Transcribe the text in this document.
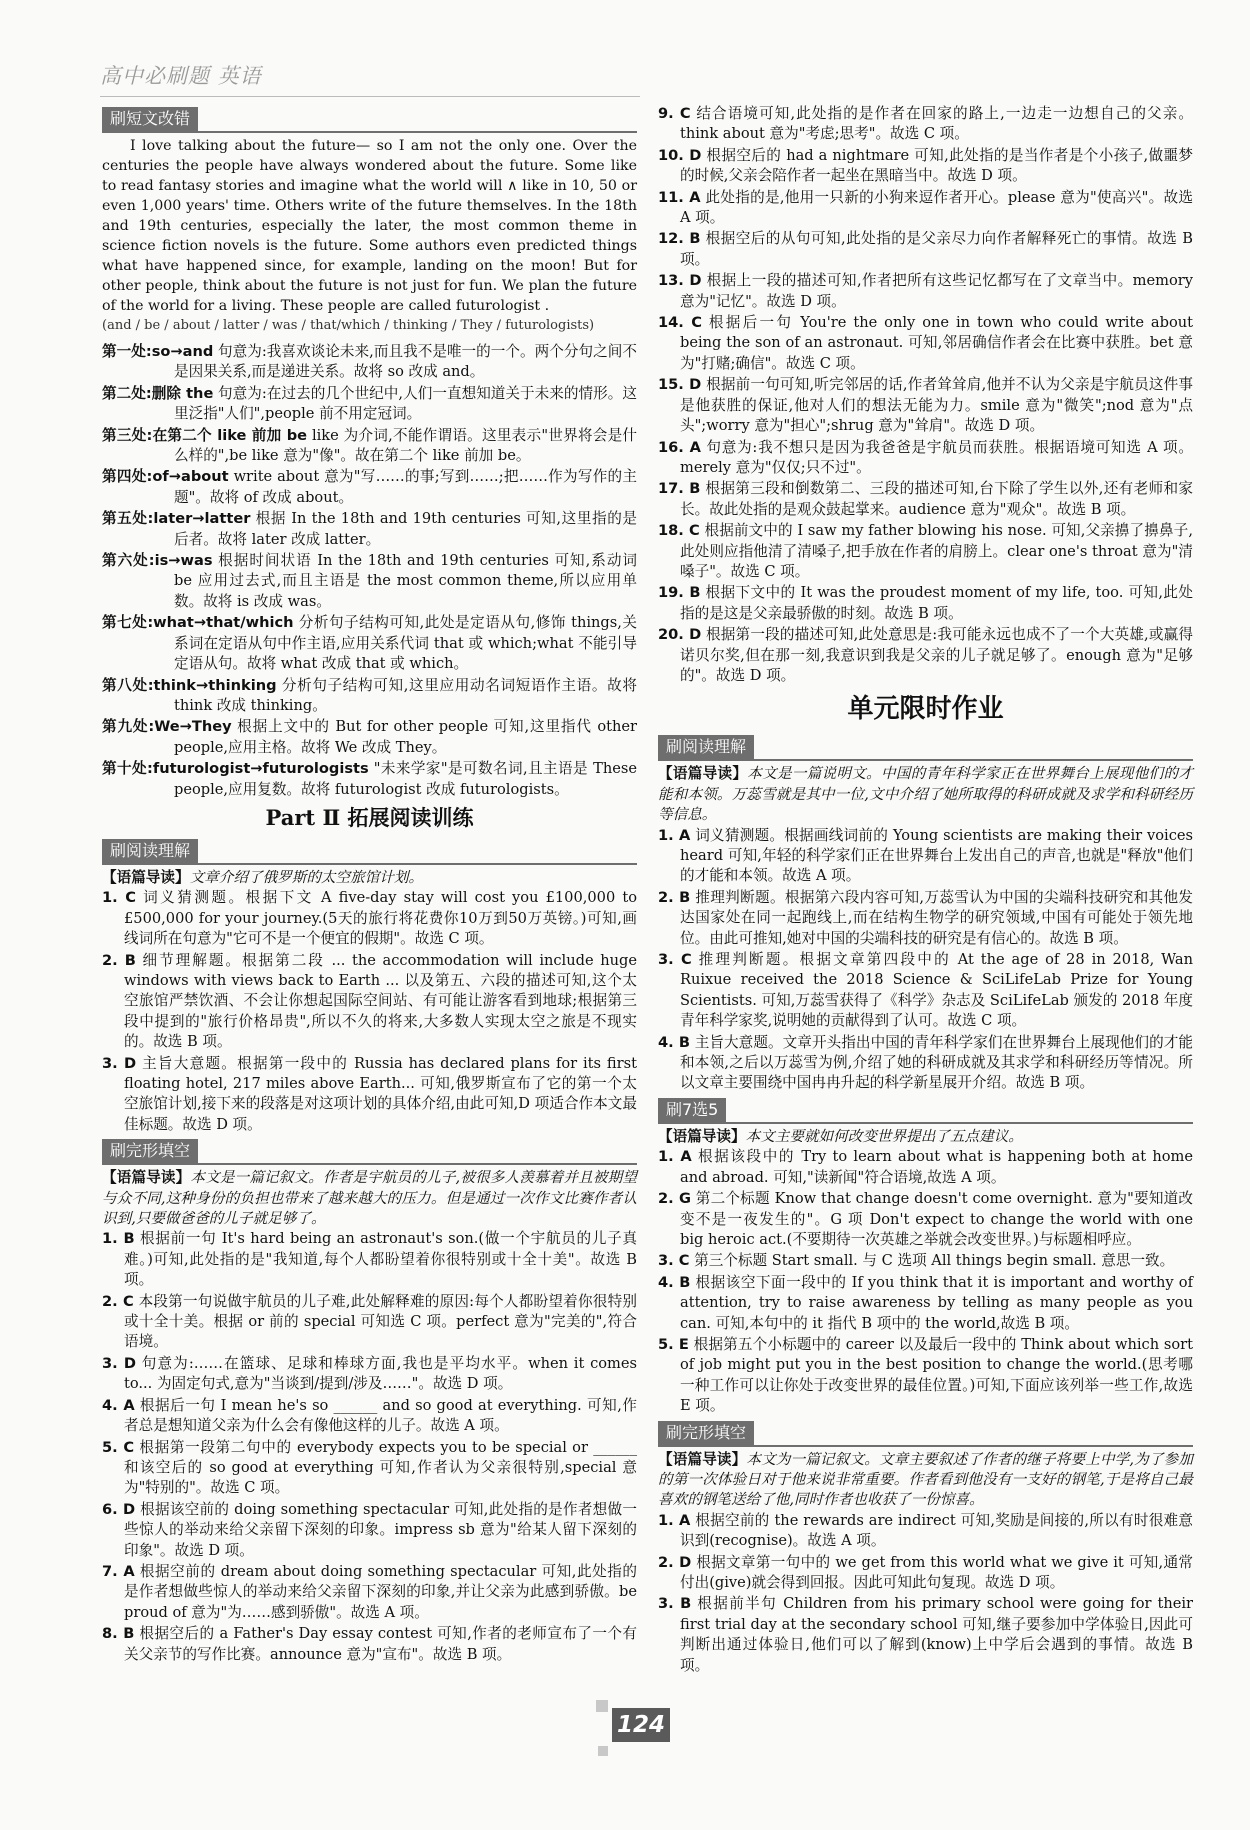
高中必刷题 英语
刷短文改错

I love talking about the future— so I am not the only one. Over the centuries the people have always wondered about the future. Some like to read fantasy stories and imagine what the world will ∧ like in 10, 50 or even 1,000 years' time. Others write of the future themselves. In the 18th and 19th centuries, especially the later, the most common theme in science fiction novels is the future. Some authors even predicted things what have happened since, for example, landing on the moon! But for other people, think about the future is not just for fun. We plan the future of the world for a living. These people are called futurologist .

(and / be / about / latter / was / that/which / thinking / They / futurologists)

第一处:so→and 句意为:我喜欢谈论未来,而且我不是唯一的一个。两个分句之间不是因果关系,而是递进关系。故将 so 改成 and。

第二处:删除 the 句意为:在过去的几个世纪中,人们一直想知道关于未来的情形。这里泛指"人们",people 前不用定冠词。

第三处:在第二个 like 前加 be like 为介词,不能作谓语。这里表示"世界将会是什么样的",be like 意为"像"。故在第二个 like 前加 be。

第四处:of→about write about 意为"写……的事;写到……;把……作为写作的主题"。故将 of 改成 about。

第五处:later→latter 根据 In the 18th and 19th centuries 可知,这里指的是后者。故将 later 改成 latter。

第六处:is→was 根据时间状语 In the 18th and 19th centuries 可知,系动词 be 应用过去式,而且主语是 the most common theme,所以应用单数。故将 is 改成 was。

第七处:what→that/which 分析句子结构可知,此处是定语从句,修饰 things,关系词在定语从句中作主语,应用关系代词 that 或 which;what 不能引导定语从句。故将 what 改成 that 或 which。

第八处:think→thinking 分析句子结构可知,这里应用动名词短语作主语。故将 think 改成 thinking。

第九处:We→They 根据上文中的 But for other people 可知,这里指代 other people,应用主格。故将 We 改成 They。

第十处:futurologist→futurologists "未来学家"是可数名词,且主语是 These people,应用复数。故将 futurologist 改成 futurologists。

Part Ⅱ 拓展阅读训练
刷阅读理解

【语篇导读】文章介绍了俄罗斯的太空旅馆计划。

1. C 词义猜测题。根据下文 A five-day stay will cost you £100,000 to £500,000 for your journey.(5天的旅行将花费你10万到50万英镑。)可知,画线词所在句意为"它可不是一个便宜的假期"。故选 C 项。

2. B 细节理解题。根据第二段 ... the accommodation will include huge windows with views back to Earth ... 以及第五、六段的描述可知,这个太空旅馆严禁饮酒、不会让你想起国际空间站、有可能让游客看到地球;根据第三段中提到的"旅行价格昂贵",所以不久的将来,大多数人实现太空之旅是不现实的。故选 B 项。

3. D 主旨大意题。根据第一段中的 Russia has declared plans for its first floating hotel, 217 miles above Earth... 可知,俄罗斯宣布了它的第一个太空旅馆计划,接下来的段落是对这项计划的具体介绍,由此可知,D 项适合作本文最佳标题。故选 D 项。

刷完形填空

【语篇导读】本文是一篇记叙文。作者是宇航员的儿子,被很多人羡慕着并且被期望与众不同,这种身份的负担也带来了越来越大的压力。但是通过一次作文比赛作者认识到,只要做爸爸的儿子就足够了。

1. B 根据前一句 It's hard being an astronaut's son.(做一个宇航员的儿子真难。)可知,此处指的是"我知道,每个人都盼望着你很特别或十全十美"。故选 B 项。

2. C 本段第一句说做宇航员的儿子难,此处解释难的原因:每个人都盼望着你很特别或十全十美。根据 or 前的 special 可知选 C 项。perfect 意为"完美的",符合语境。

3. D 句意为:……在篮球、足球和棒球方面,我也是平均水平。when it comes to... 为固定句式,意为"当谈到/提到/涉及……"。故选 D 项。

4. A 根据后一句 I mean he's so ______ and so good at everything. 可知,作者总是想知道父亲为什么会有像他这样的儿子。故选 A 项。

5. C 根据第一段第二句中的 everybody expects you to be special or ______ 和该空后的 so good at everything 可知,作者认为父亲很特别,special 意为"特别的"。故选 C 项。

6. D 根据该空前的 doing something spectacular 可知,此处指的是作者想做一些惊人的举动来给父亲留下深刻的印象。impress sb 意为"给某人留下深刻的印象"。故选 D 项。

7. A 根据空前的 dream about doing something spectacular 可知,此处指的是作者想做些惊人的举动来给父亲留下深刻的印象,并让父亲为此感到骄傲。be proud of 意为"为……感到骄傲"。故选 A 项。

8. B 根据空后的 a Father's Day essay contest 可知,作者的老师宣布了一个有关父亲节的写作比赛。announce 意为"宣布"。故选 B 项。

9. C 结合语境可知,此处指的是作者在回家的路上,一边走一边想自己的父亲。think about 意为"考虑;思考"。故选 C 项。

10. D 根据空后的 had a nightmare 可知,此处指的是当作者是个小孩子,做噩梦的时候,父亲会陪作者一起坐在黑暗当中。故选 D 项。

11. A 此处指的是,他用一只新的小狗来逗作者开心。please 意为"使高兴"。故选 A 项。

12. B 根据空后的从句可知,此处指的是父亲尽力向作者解释死亡的事情。故选 B 项。

13. D 根据上一段的描述可知,作者把所有这些记忆都写在了文章当中。memory 意为"记忆"。故选 D 项。

14. C 根据后一句 You're the only one in town who could write about being the son of an astronaut. 可知,邻居确信作者会在比赛中获胜。bet 意为"打赌;确信"。故选 C 项。

15. D 根据前一句可知,听完邻居的话,作者耸耸肩,他并不认为父亲是宇航员这件事是他获胜的保证,他对人们的想法无能为力。smile 意为"微笑";nod 意为"点头";worry 意为"担心";shrug 意为"耸肩"。故选 D 项。

16. A 句意为:我不想只是因为我爸爸是宇航员而获胜。根据语境可知选 A 项。merely 意为"仅仅;只不过"。

17. B 根据第三段和倒数第二、三段的描述可知,台下除了学生以外,还有老师和家长。故此处指的是观众鼓起掌来。audience 意为"观众"。故选 B 项。

18. C 根据前文中的 I saw my father blowing his nose. 可知,父亲擤了擤鼻子,此处则应指他清了清嗓子,把手放在作者的肩膀上。clear one's throat 意为"清嗓子"。故选 C 项。

19. B 根据下文中的 It was the proudest moment of my life, too. 可知,此处指的是这是父亲最骄傲的时刻。故选 B 项。

20. D 根据第一段的描述可知,此处意思是:我可能永远也成不了一个大英雄,或赢得诺贝尔奖,但在那一刻,我意识到我是父亲的儿子就足够了。enough 意为"足够的"。故选 D 项。

单元限时作业
刷阅读理解

【语篇导读】本文是一篇说明文。中国的青年科学家正在世界舞台上展现他们的才能和本领。万蕊雪就是其中一位,文中介绍了她所取得的科研成就及求学和科研经历等信息。

1. A 词义猜测题。根据画线词前的 Young scientists are making their voices heard 可知,年轻的科学家们正在世界舞台上发出自己的声音,也就是"释放"他们的才能和本领。故选 A 项。

2. B 推理判断题。根据第六段内容可知,万蕊雪认为中国的尖端科技研究和其他发达国家处在同一起跑线上,而在结构生物学的研究领域,中国有可能处于领先地位。由此可推知,她对中国的尖端科技的研究是有信心的。故选 B 项。

3. C 推理判断题。根据文章第四段中的 At the age of 28 in 2018, Wan Ruixue received the 2018 Science & SciLifeLab Prize for Young Scientists. 可知,万蕊雪获得了《科学》杂志及 SciLifeLab 颁发的 2018 年度青年科学家奖,说明她的贡献得到了认可。故选 C 项。

4. B 主旨大意题。文章开头指出中国的青年科学家们在世界舞台上展现他们的才能和本领,之后以万蕊雪为例,介绍了她的科研成就及其求学和科研经历等情况。所以文章主要围绕中国冉冉升起的科学新星展开介绍。故选 B 项。

刷7选5

【语篇导读】本文主要就如何改变世界提出了五点建议。

1. A 根据该段中的 Try to learn about what is happening both at home and abroad. 可知,"读新闻"符合语境,故选 A 项。

2. G 第二个标题 Know that change doesn't come overnight. 意为"要知道改变不是一夜发生的"。G 项 Don't expect to change the world with one big heroic act.(不要期待一次英雄之举就会改变世界。)与标题相呼应。

3. C 第三个标题 Start small. 与 C 选项 All things begin small. 意思一致。

4. B 根据该空下面一段中的 If you think that it is important and worthy of attention, try to raise awareness by telling as many people as you can. 可知,本句中的 it 指代 B 项中的 the world,故选 B 项。

5. E 根据第五个小标题中的 career 以及最后一段中的 Think about which sort of job might put you in the best position to change the world.(思考哪一种工作可以让你处于改变世界的最佳位置。)可知,下面应该列举一些工作,故选 E 项。

刷完形填空

【语篇导读】本文为一篇记叙文。文章主要叙述了作者的继子将要上中学,为了参加的第一次体验日对于他来说非常重要。作者看到他没有一支好的钢笔,于是将自己最喜欢的钢笔送给了他,同时作者也收获了一份惊喜。

1. A 根据空前的 the rewards are indirect 可知,奖励是间接的,所以有时很难意识到(recognise)。故选 A 项。

2. D 根据文章第一句中的 we get from this world what we give it 可知,通常付出(give)就会得到回报。因此可知此句复现。故选 D 项。

3. B 根据前半句 Children from his primary school were going for their first trial day at the secondary school 可知,继子要参加中学体验日,因此可判断出通过体验日,他们可以了解到(know)上中学后会遇到的事情。故选 B 项。

124
